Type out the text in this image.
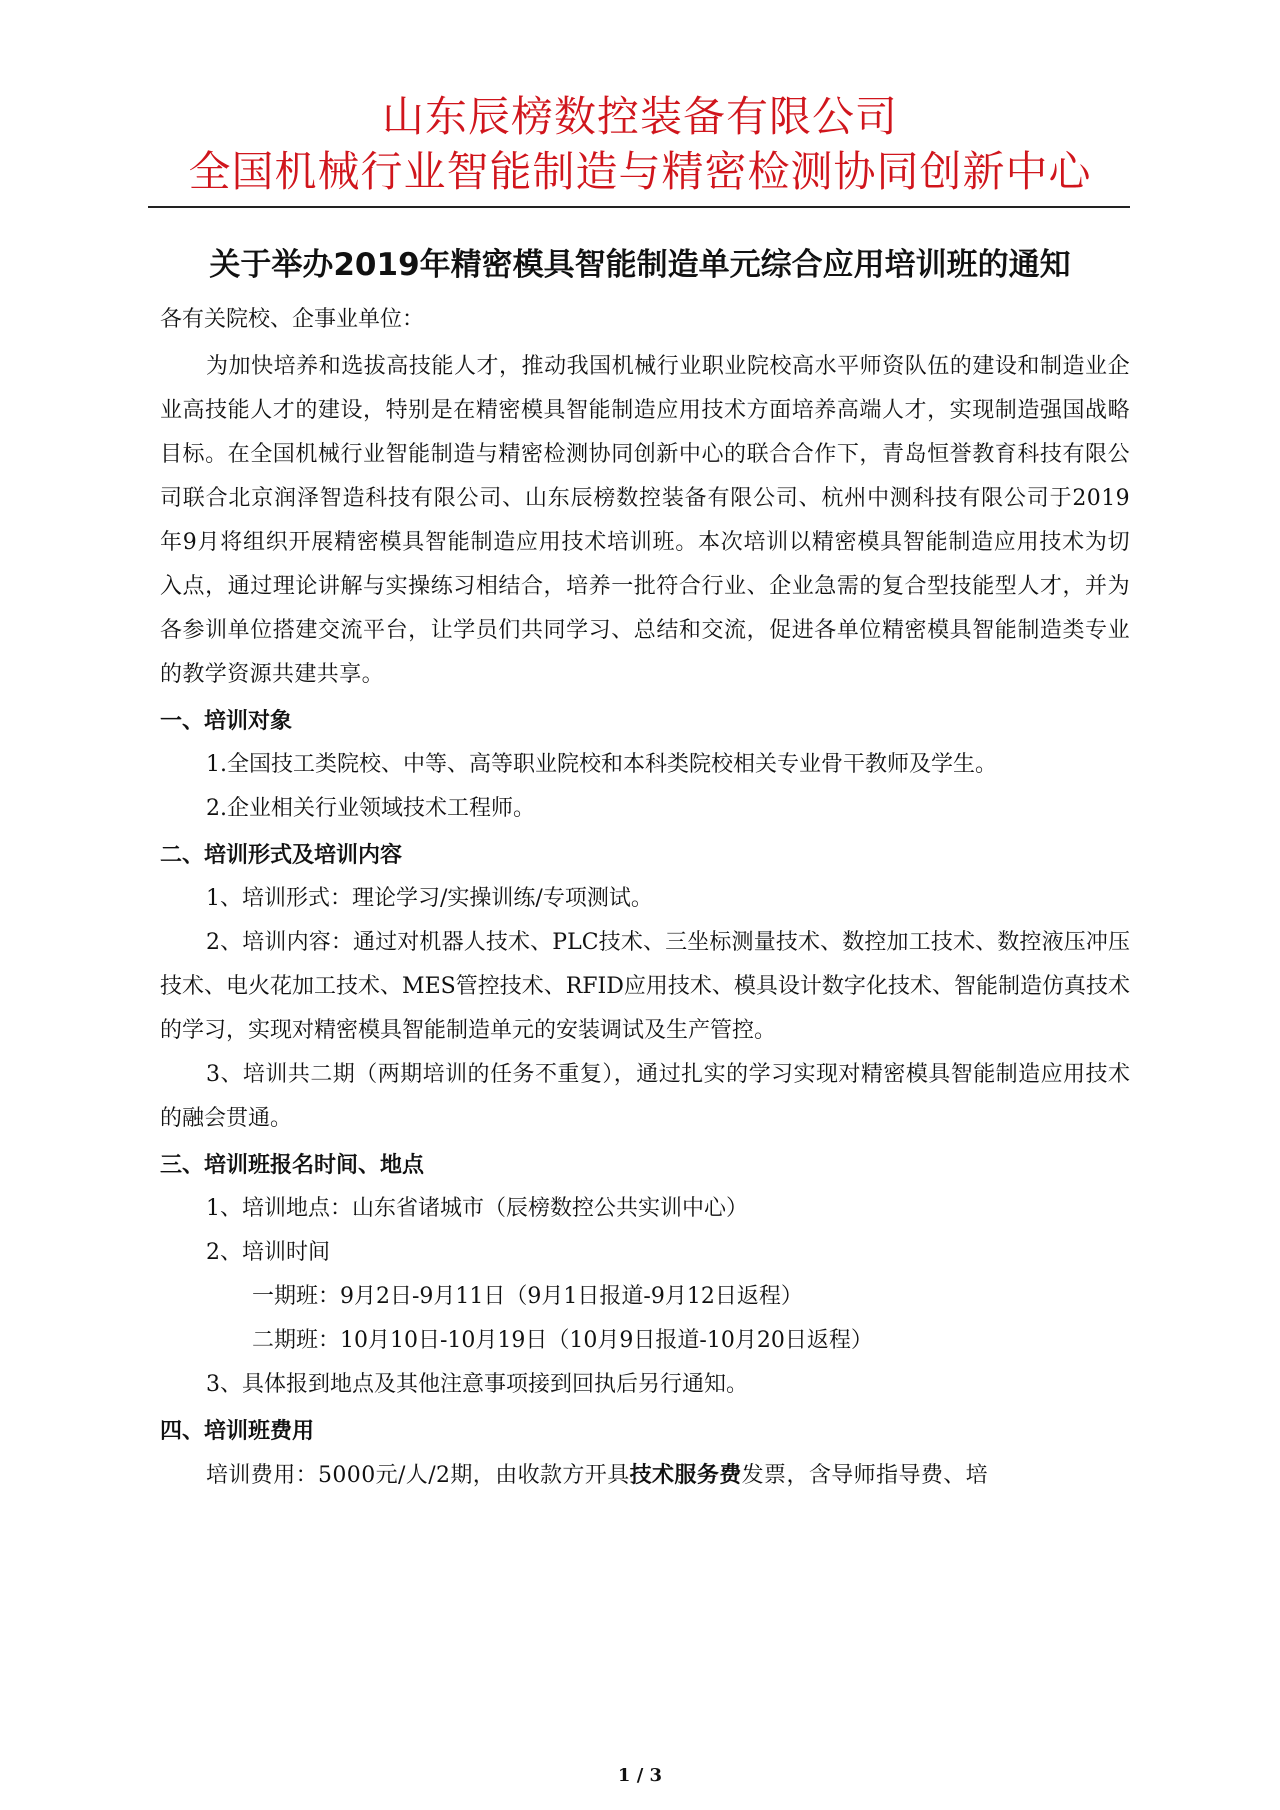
山东辰榜数控装备有限公司
全国机械行业智能制造与精密检测协同创新中心
关于举办2019年精密模具智能制造单元综合应用培训班的通知

各有关院校、企事业单位：

为加快培养和选拔高技能人才，推动我国机械行业职业院校高水平师资队伍的建设和制造业企业高技能人才的建设，特别是在精密模具智能制造应用技术方面培养高端人才，实现制造强国战略目标。在全国机械行业智能制造与精密检测协同创新中心的联合合作下，青岛恒誉教育科技有限公司联合北京润泽智造科技有限公司、山东辰榜数控装备有限公司、杭州中测科技有限公司于2019年9月将组织开展精密模具智能制造应用技术培训班。本次培训以精密模具智能制造应用技术为切入点，通过理论讲解与实操练习相结合，培养一批符合行业、企业急需的复合型技能型人才，并为各参训单位搭建交流平台，让学员们共同学习、总结和交流，促进各单位精密模具智能制造类专业的教学资源共建共享。

一、培训对象

1.全国技工类院校、中等、高等职业院校和本科类院校相关专业骨干教师及学生。

2.企业相关行业领域技术工程师。

二、培训形式及培训内容

1、培训形式：理论学习/实操训练/专项测试。

2、培训内容：通过对机器人技术、PLC技术、三坐标测量技术、数控加工技术、数控液压冲压技术、电火花加工技术、MES管控技术、RFID应用技术、模具设计数字化技术、智能制造仿真技术的学习，实现对精密模具智能制造单元的安装调试及生产管控。

3、培训共二期（两期培训的任务不重复），通过扎实的学习实现对精密模具智能制造应用技术的融会贯通。

三、培训班报名时间、地点

1、培训地点：山东省诸城市（辰榜数控公共实训中心）

2、培训时间

一期班：9月2日-9月11日（9月1日报道-9月12日返程）

二期班：10月10日-10月19日（10月9日报道-10月20日返程）

3、具体报到地点及其他注意事项接到回执后另行通知。

四、培训班费用

培训费用：5000元/人/2期，由收款方开具技术服务费发票，含导师指导费、培

1 / 3
